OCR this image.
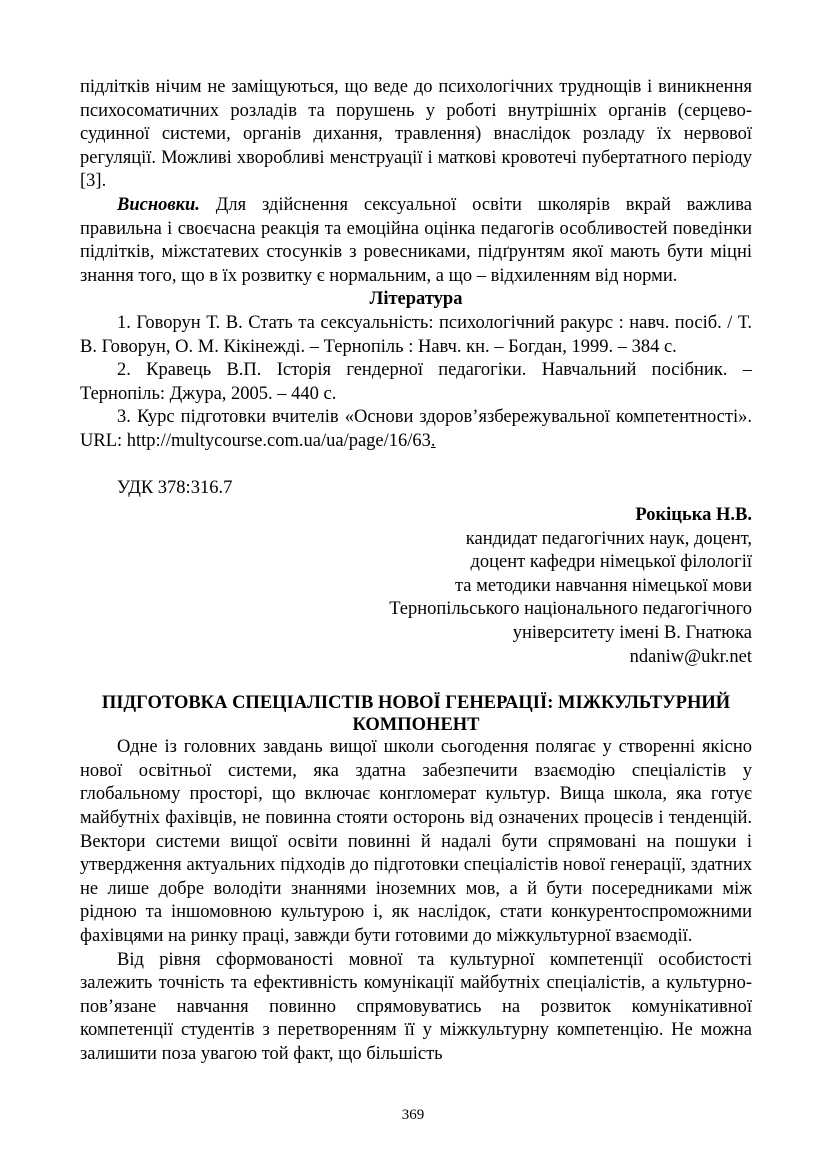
підлітків нічим не заміщуються, що веде до психологічних труднощів і виникнення психосоматичних розладів та порушень у роботі внутрішніх органів (серцево-судинної системи, органів дихання, травлення) внаслідок розладу їх нервової регуляції. Можливі хворобливі менструації і маткові кровотечі пубертатного періоду [3].

Висновки. Для здійснення сексуальної освіти школярів вкрай важлива правильна і своєчасна реакція та емоційна оцінка педагогів особливостей поведінки підлітків, міжстатевих стосунків з ровесниками, підґрунтям якої мають бути міцні знання того, що в їх розвитку є нормальним, а що – відхиленням від норми.

Література

1. Говорун Т. В. Стать та сексуальність: психологічний ракурс : навч. посіб. / Т. В. Говорун, О. М. Кікінежді. – Тернопіль : Навч. кн. – Богдан, 1999. – 384 с.

2. Кравець В.П. Історія гендерної педагогіки. Навчальний посібник. – Тернопіль: Джура, 2005. – 440 с.

3. Курс підготовки вчителів «Основи здоров’язбережувальної компетентності». URL: http://multycourse.com.ua/ua/page/16/63.

УДК 378:316.7

Рокіцька Н.В.

кандидат педагогічних наук, доцент,

доцент кафедри німецької філології

та методики навчання німецької мови

Тернопільського національного педагогічного

університету імені В. Гнатюка

ndaniw@ukr.net

ПІДГОТОВКА СПЕЦІАЛІСТІВ НОВОЇ ГЕНЕРАЦІЇ: МІЖКУЛЬТУРНИЙ

КОМПОНЕНТ

Одне із головних завдань вищої школи сьогодення полягає у створенні якісно нової освітньої системи, яка здатна забезпечити взаємодію спеціалістів у глобальному просторі, що включає конгломерат культур. Вища школа, яка готує майбутніх фахівців, не повинна стояти осторонь від означених процесів і тенденцій. Вектори системи вищої освіти повинні й надалі бути спрямовані на пошуки і утвердження актуальних підходів до підготовки спеціалістів нової генерації, здатних не лише добре володіти знаннями іноземних мов, а й бути посередниками між рідною та іншомовною культурою і, як наслідок, стати конкурентоспроможними фахівцями на ринку праці, завжди бути готовими до міжкультурної взаємодії.

Від рівня сформованості мовної та культурної компетенції особистості залежить точність та ефективність комунікації майбутніх спеціалістів, а культурно-пов’язане навчання повинно спрямовуватись на розвиток комунікативної компетенції студентів з перетворенням її у міжкультурну компетенцію. Не можна залишити поза увагою той факт, що більшість

369
